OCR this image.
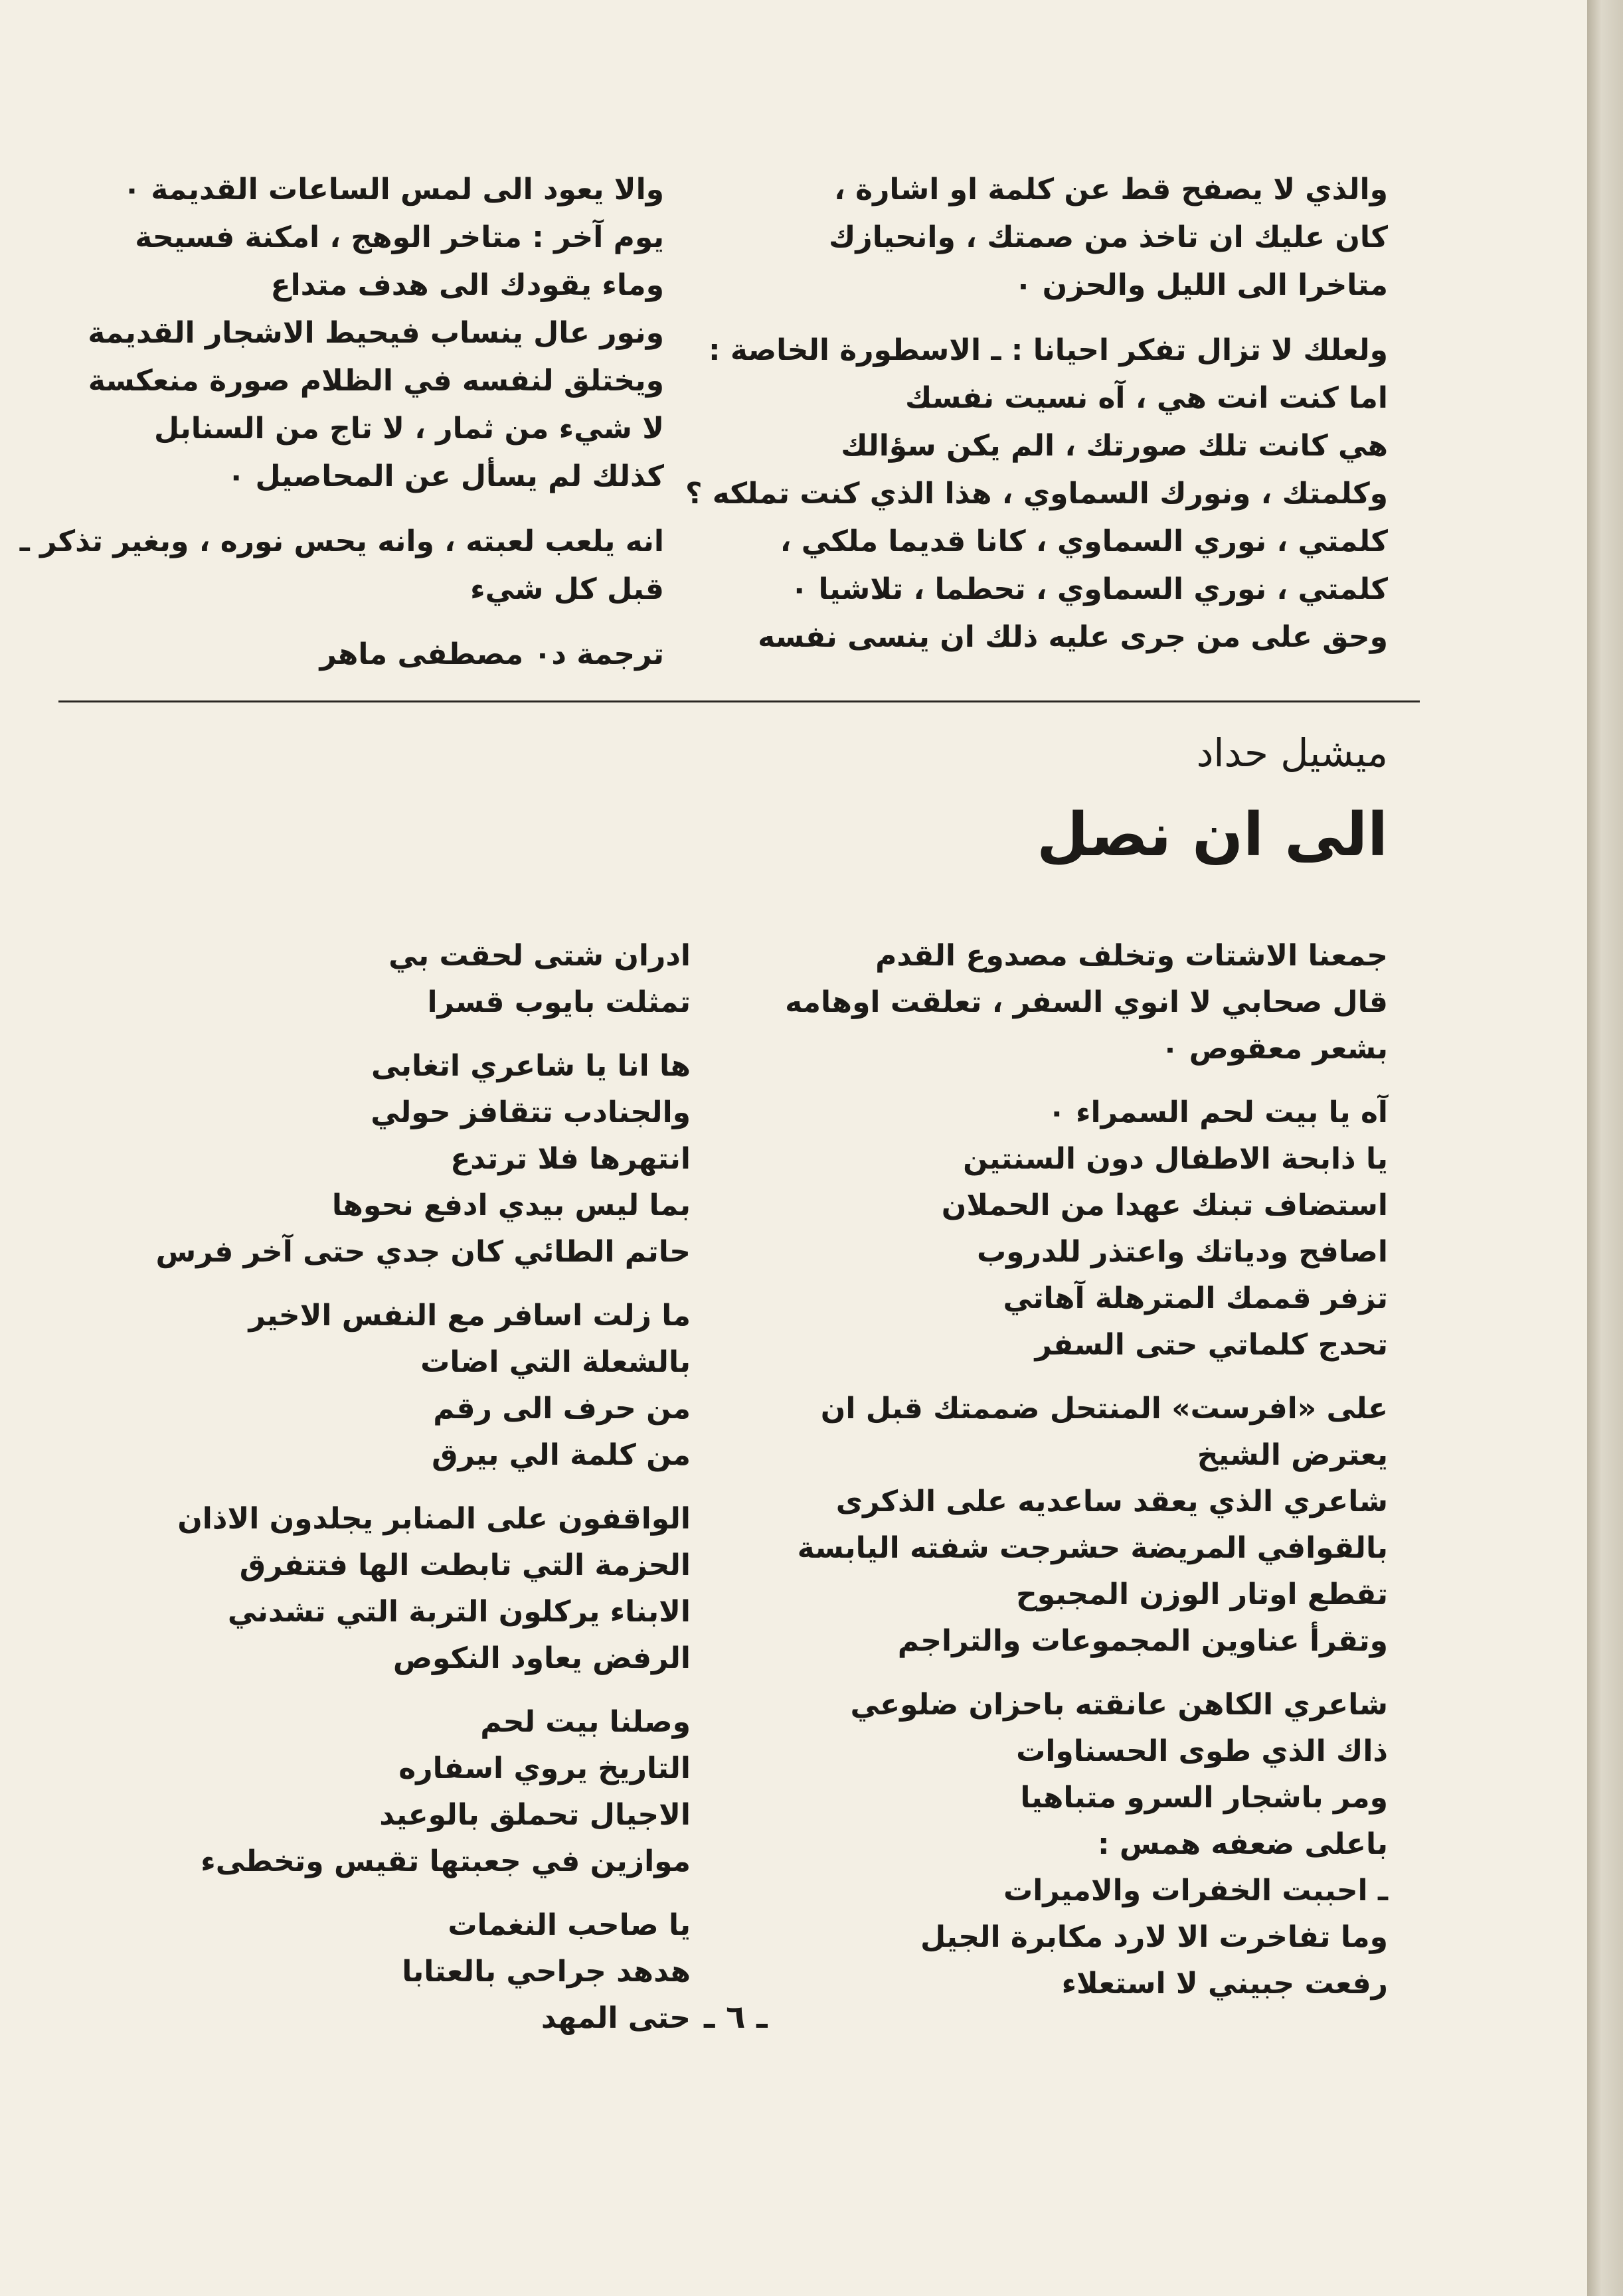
والذي لا يصفح قط عن كلمة او اشارة ،
كان عليك ان تاخذ من صمتك ، وانحيازك
متاخرا الى الليل والحزن ٠
ولعلك لا تزال تفكر احيانا : ـ الاسطورة الخاصة :
اما كنت انت هي ، آه نسيت نفسك
هي كانت تلك صورتك ، الم يكن سؤالك
وكلمتك ، ونورك السماوي ، هذا الذي كنت تملكه ؟
كلمتي ، نوري السماوي ، كانا قديما ملكي ،
كلمتي ، نوري السماوي ، تحطما ، تلاشيا ٠
وحق على من جرى عليه ذلك ان ينسى نفسه
والا يعود الى لمس الساعات القديمة ٠
يوم آخر : متاخر الوهج ، امكنة فسيحة
وماء يقودك الى هدف متداع
ونور عال ينساب فيحيط الاشجار القديمة
ويختلق لنفسه في الظلام صورة منعكسة
لا شيء من ثمار ، لا تاج من السنابل
كذلك لم يسأل عن المحاصيل ٠
انه يلعب لعبته ، وانه يحس نوره ، وبغير تذكر ـ
قبل كل شيء
ترجمة د٠ مصطفى ماهر
ميشيل حداد
الى ان نصل
جمعنا الاشتات وتخلف مصدوع القدم
قال صحابي لا انوي السفر ، تعلقت اوهامه
بشعر معقوص ٠
آه يا بيت لحم السمراء ٠
يا ذابحة الاطفال دون السنتين
استضاف تبنك عهدا من الحملان
اصافح ودياتك واعتذر للدروب
تزفر قممك المترهلة آهاتي
تحدج كلماتي حتى السفر
على «افرست» المنتحل ضممتك قبل ان
يعترض الشيخ
شاعري الذي يعقد ساعديه على الذكرى
بالقوافي المريضة حشرجت شفته اليابسة
تقطع اوتار الوزن المجبوح
وتقرأ عناوين المجموعات والتراجم
شاعري الكاهن عانقته باحزان ضلوعي
ذاك الذي طوى الحسناوات
ومر باشجار السرو متباهيا
باعلى ضعفه همس :
ـ احببت الخفرات والاميرات
وما تفاخرت الا لارد مكابرة الجيل
رفعت جبيني لا استعلاء
ادران شتى لحقت بي
تمثلت بايوب قسرا
ها انا يا شاعري اتغابى
والجنادب تتقافز حولي
انتهرها فلا ترتدع
بما ليس بيدي ادفع نحوها
حاتم الطائي كان جدي حتى آخر فرس
ما زلت اسافر مع النفس الاخير
بالشعلة التي اضات
من حرف الى رقم
من كلمة الي بيرق
الواقفون على المنابر يجلدون الاذان
الحزمة التي تابطت الها فتتفرق
الابناء يركلون التربة التي تشدني
الرفض يعاود النكوص
وصلنا بيت لحم
التاريخ يروي اسفاره
الاجيال تحملق بالوعيد
موازين في جعبتها تقيس وتخطىء
يا صاحب النغمات
هدهد جراحي بالعتابا
حتى المهد ـ ٦ ـ
